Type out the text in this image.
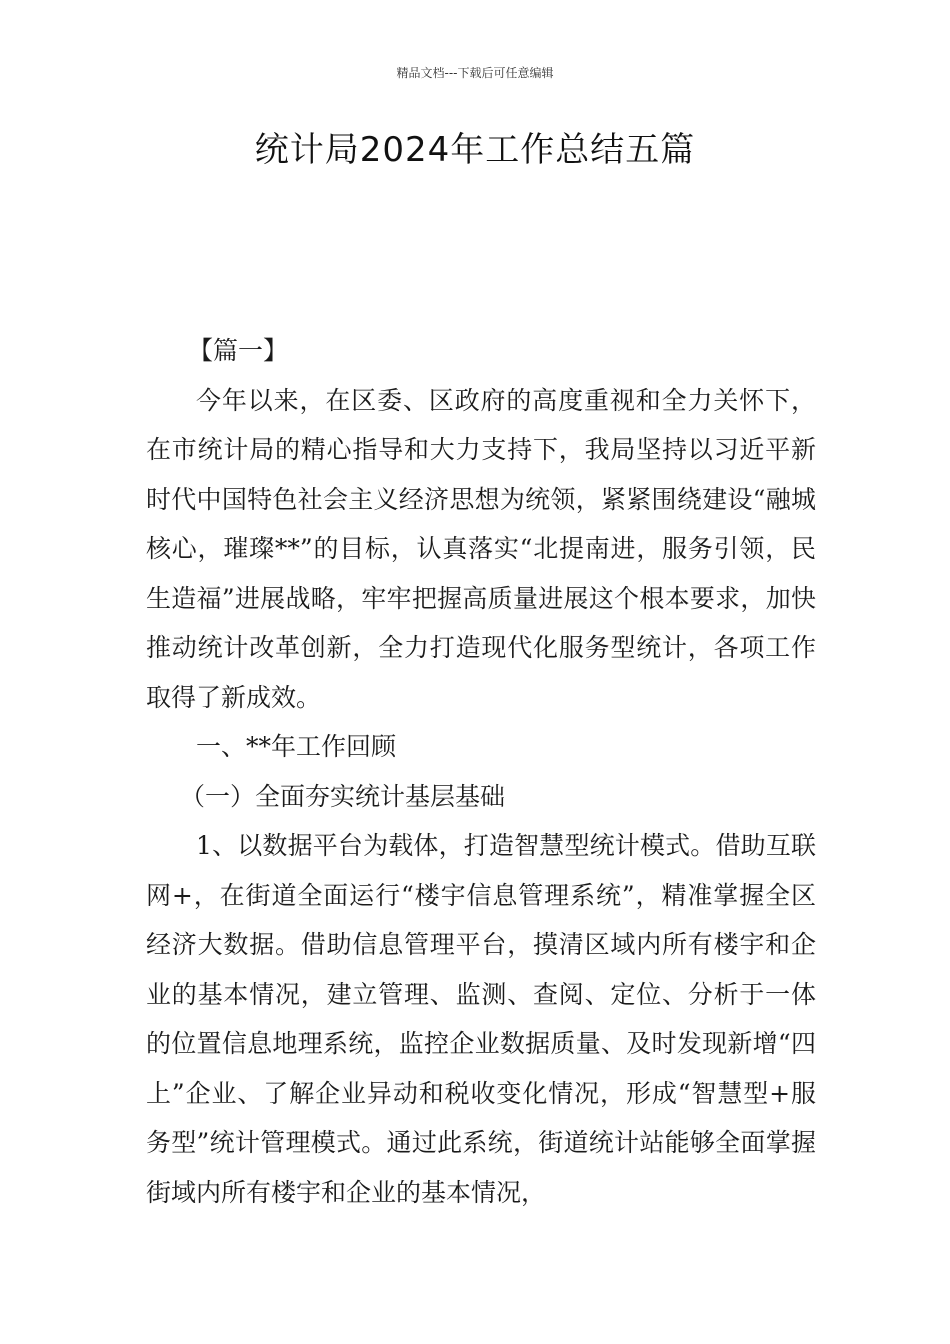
精品文档---下载后可任意编辑
统计局2024年工作总结五篇

【篇一】

今年以来，在区委、区政府的高度重视和全力关怀下，在市统计局的精心指导和大力支持下，我局坚持以习近平新时代中国特色社会主义经济思想为统领，紧紧围绕建设“融城核心，璀璨**”的目标，认真落实“北提南进，服务引领，民生造福”进展战略，牢牢把握高质量进展这个根本要求，加快推动统计改革创新，全力打造现代化服务型统计，各项工作取得了新成效。

一、**年工作回顾

（一）全面夯实统计基层基础

1、以数据平台为载体，打造智慧型统计模式。借助互联网+，在街道全面运行“楼宇信息管理系统”，精准掌握全区经济大数据。借助信息管理平台，摸清区域内所有楼宇和企业的基本情况，建立管理、监测、查阅、定位、分析于一体的位置信息地理系统，监控企业数据质量、及时发现新增“四上”企业、了解企业异动和税收变化情况，形成“智慧型+服务型”统计管理模式。通过此系统，街道统计站能够全面掌握街域内所有楼宇和企业的基本情况，
